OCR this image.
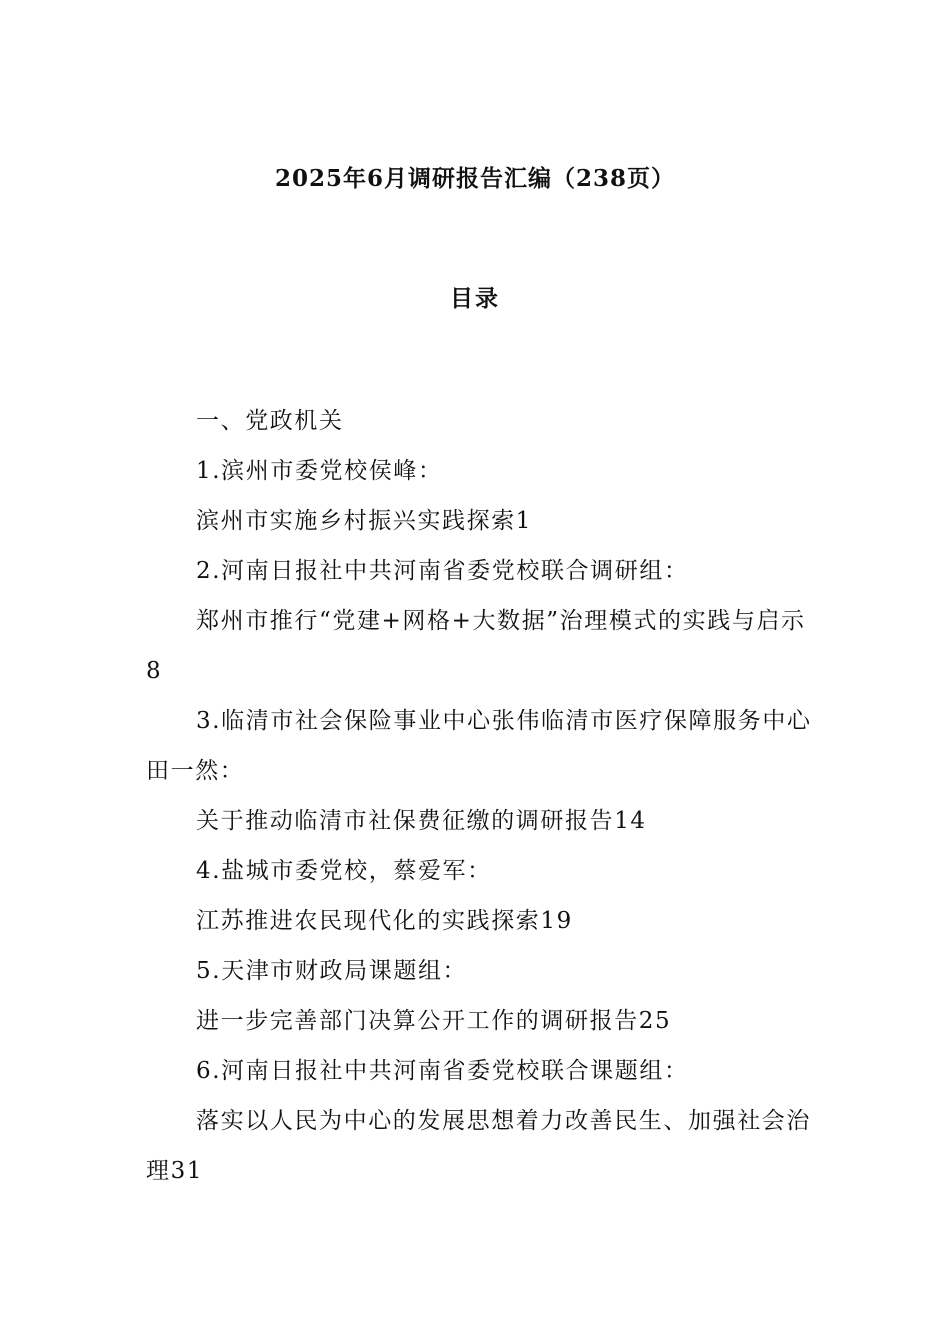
2025年6月调研报告汇编（238页）
目录

一、党政机关

1.滨州市委党校侯峰：

滨州市实施乡村振兴实践探索1

2.河南日报社中共河南省委党校联合调研组：

郑州市推行“党建+网格+大数据”治理模式的实践与启示8

3.临清市社会保险事业中心张伟临清市医疗保障服务中心田一然：

关于推动临清市社保费征缴的调研报告14

4.盐城市委党校，蔡爱军：

江苏推进农民现代化的实践探索19

5.天津市财政局课题组：

进一步完善部门决算公开工作的调研报告25

6.河南日报社中共河南省委党校联合课题组：

落实以人民为中心的发展思想着力改善民生、加强社会治理31
